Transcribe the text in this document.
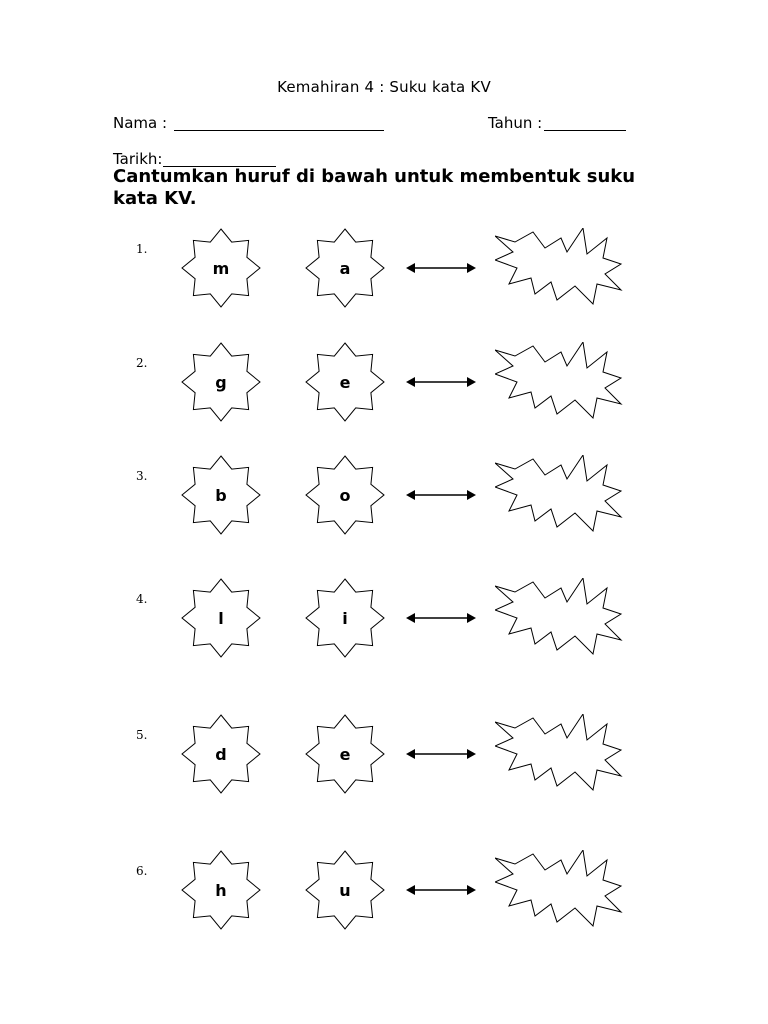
Kemahiran 4 : Suku kata KV
Nama :	Tahun :
Tarikh:
Cantumkan huruf di bawah untuk membentuk suku kata KV.
1.
m	a
2.
g	e
3.
b	o
4.
l	i
5.
d	e
6.
h	u
